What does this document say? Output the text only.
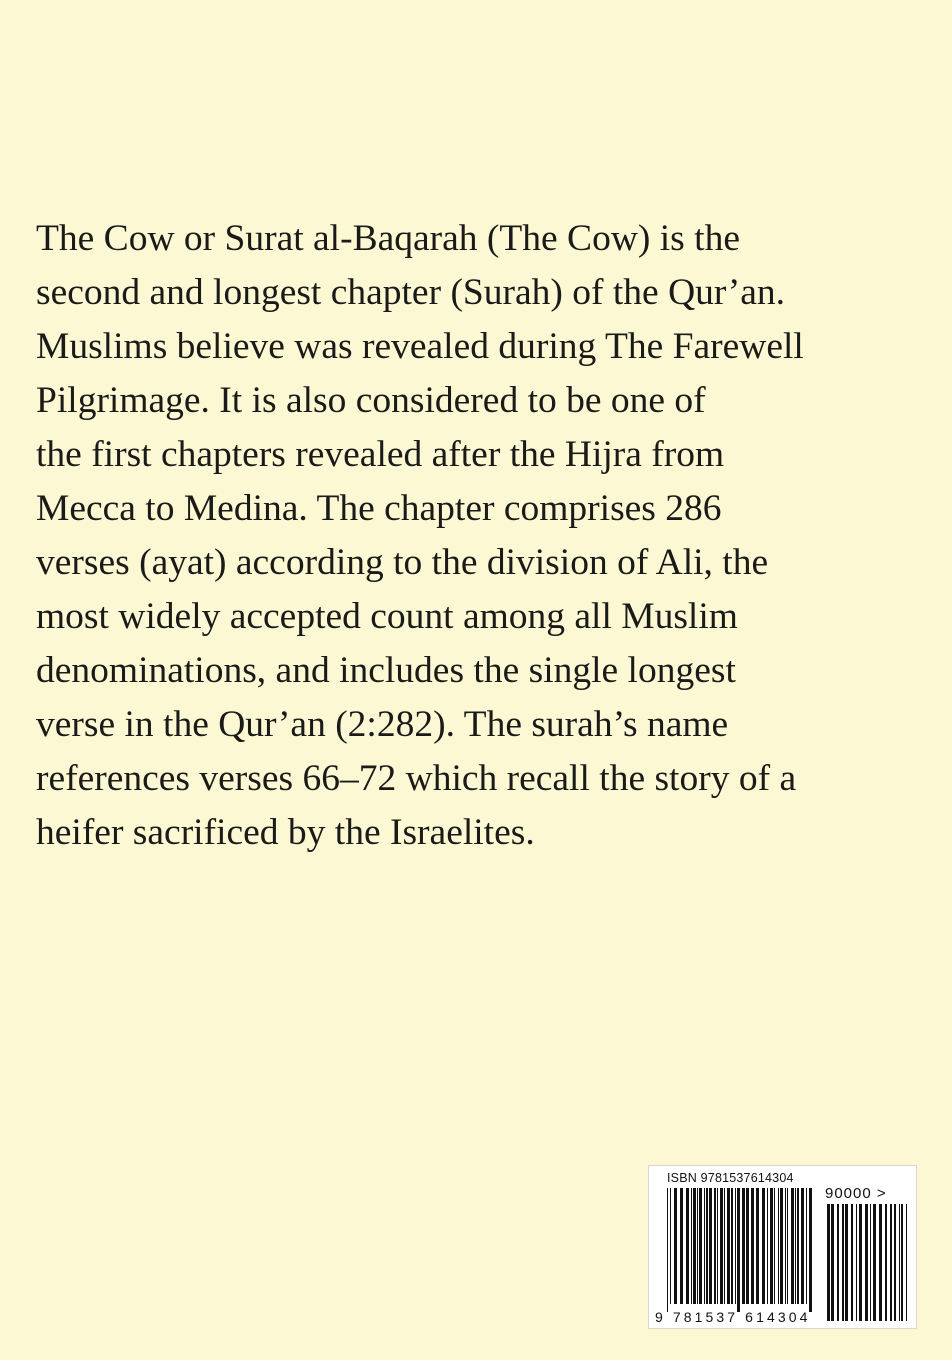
The Cow or Surat al-Baqarah (The Cow) is the
second and longest chapter (Surah) of the Qur’an.
Muslims believe was revealed during The Farewell
Pilgrimage. It is also considered to be one of
the first chapters revealed after the Hijra from
Mecca to Medina. The chapter comprises 286
verses (ayat) according to the division of Ali, the
most widely accepted count among all Muslim
denominations, and includes the single longest
verse in the Qur’an (2:282). The surah’s name
references verses 66–72 which recall the story of a
heifer sacrificed by the Israelites.

ISBN 9781537614304
90000 >
9 781537 614304
